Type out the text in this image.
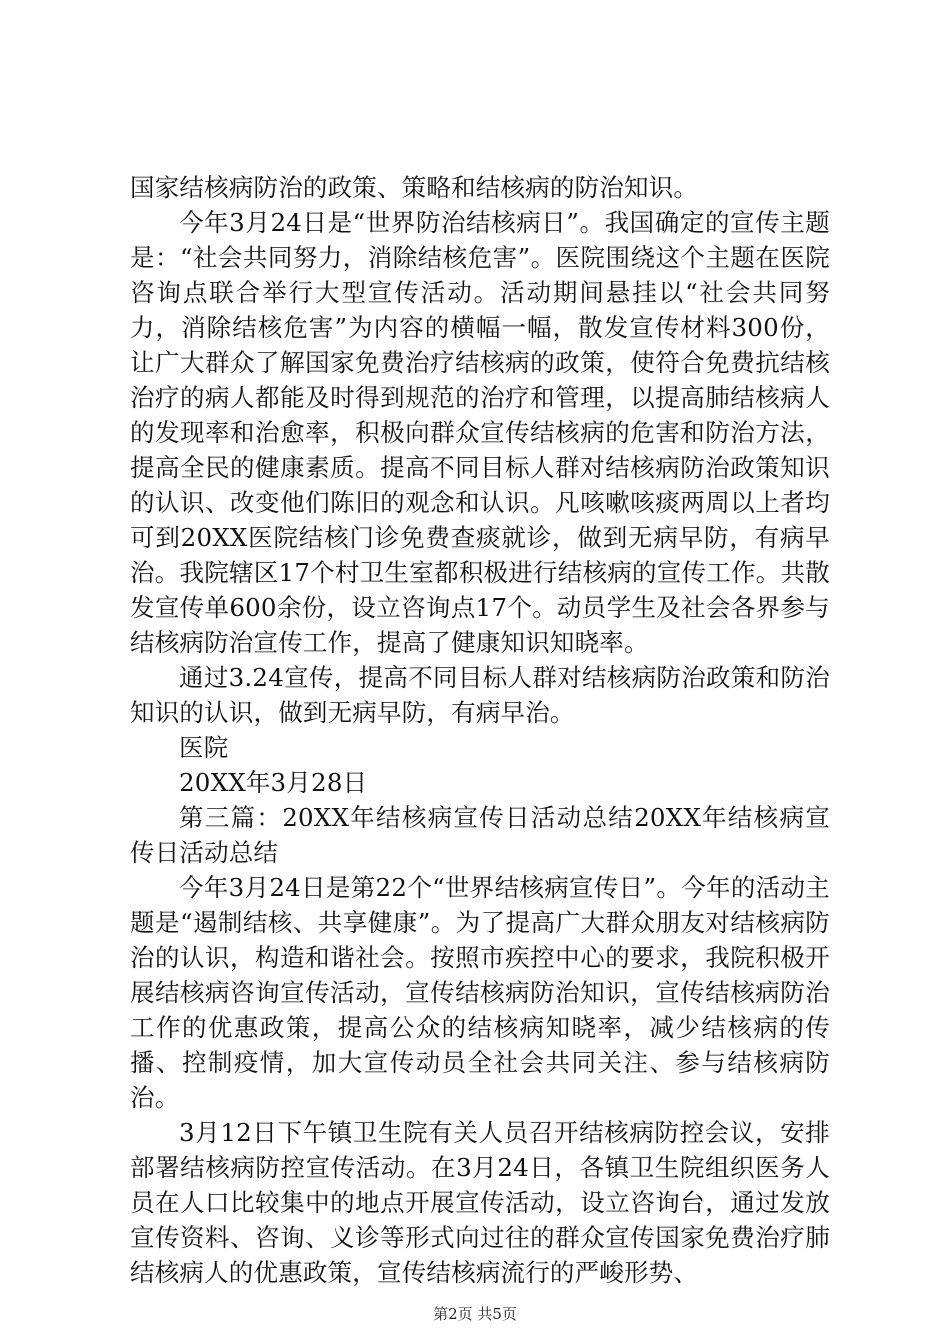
国家结核病防治的政策、策略和结核病的防治知识。

今年3月24日是“世界防治结核病日”。我国确定的宣传主题是：“社会共同努力，消除结核危害”。医院围绕这个主题在医院咨询点联合举行大型宣传活动。活动期间悬挂以“社会共同努力，消除结核危害”为内容的横幅一幅，散发宣传材料300份，让广大群众了解国家免费治疗结核病的政策，使符合免费抗结核治疗的病人都能及时得到规范的治疗和管理，以提高肺结核病人的发现率和治愈率，积极向群众宣传结核病的危害和防治方法，提高全民的健康素质。提高不同目标人群对结核病防治政策知识的认识、改变他们陈旧的观念和认识。凡咳嗽咳痰两周以上者均可到20XX医院结核门诊免费查痰就诊，做到无病早防，有病早治。我院辖区17个村卫生室都积极进行结核病的宣传工作。共散发宣传单600余份，设立咨询点17个。动员学生及社会各界参与结核病防治宣传工作，提高了健康知识知晓率。

通过3.24宣传，提高不同目标人群对结核病防治政策和防治知识的认识，做到无病早防，有病早治。

医院

20XX年3月28日

第三篇：20XX年结核病宣传日活动总结20XX年结核病宣传日活动总结

今年3月24日是第22个“世界结核病宣传日”。今年的活动主题是“遏制结核、共享健康”。为了提高广大群众朋友对结核病防治的认识，构造和谐社会。按照市疾控中心的要求，我院积极开展结核病咨询宣传活动，宣传结核病防治知识，宣传结核病防治工作的优惠政策，提高公众的结核病知晓率，减少结核病的传播、控制疫情，加大宣传动员全社会共同关注、参与结核病防治。

3月12日下午镇卫生院有关人员召开结核病防控会议，安排部署结核病防控宣传活动。在3月24日，各镇卫生院组织医务人员在人口比较集中的地点开展宣传活动，设立咨询台，通过发放宣传资料、咨询、义诊等形式向过往的群众宣传国家免费治疗肺结核病人的优惠政策，宣传结核病流行的严峻形势、

第2页 共5页
